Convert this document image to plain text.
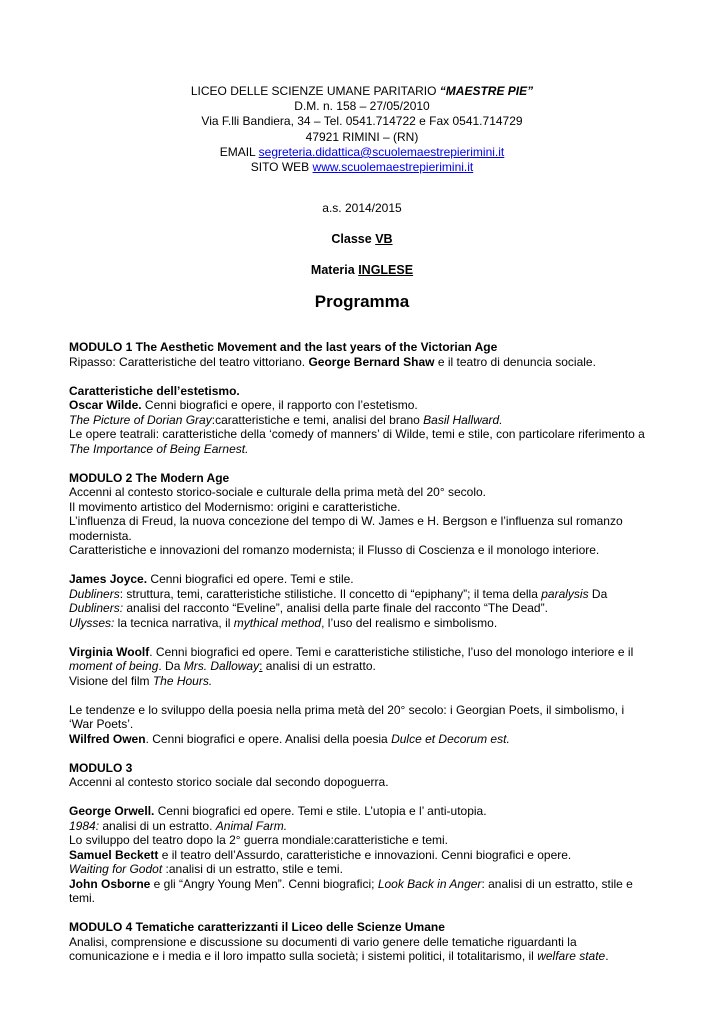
LICEO DELLE SCIENZE UMANE PARITARIO “MAESTRE PIE”
D.M. n. 158 – 27/05/2010
Via F.lli Bandiera, 34 – Tel. 0541.714722 e Fax 0541.714729
47921 RIMINI – (RN)
EMAIL segreteria.didattica@scuolemaestrepierimini.it
SITO WEB www.scuolemaestrepierimini.it
a.s. 2014/2015
Classe VB
Materia INGLESE
Programma

MODULO 1 The Aesthetic Movement and the last years of the Victorian Age
Ripasso: Caratteristiche del teatro vittoriano. George Bernard Shaw e il teatro di denuncia sociale.

Caratteristiche dell’estetismo.
Oscar Wilde. Cenni biografici e opere, il rapporto con l’estetismo.
The Picture of Dorian Gray:caratteristiche e temi, analisi del brano Basil Hallward.

Le opere teatrali: caratteristiche della ‘comedy of manners’ di Wilde, temi e stile, con particolare riferimento a
The Importance of Being Earnest.

MODULO 2 The Modern Age
Accenni al contesto storico-sociale e culturale della prima metà del 20° secolo.
Il movimento artistico del Modernismo: origini e caratteristiche.

L’influenza di Freud, la nuova concezione del tempo di W. James e H. Bergson e l’influenza sul romanzo
modernista.
Caratteristiche e innovazioni del romanzo modernista; il Flusso di Coscienza e il monologo interiore.

James Joyce. Cenni biografici ed opere. Temi e stile.

Dubliners: struttura, temi, caratteristiche stilistiche. Il concetto di “epiphany”; il tema della paralysis Da
Dubliners: analisi del racconto “Eveline”, analisi della parte finale del racconto “The Dead”.
Ulysses: la tecnica narrativa, il mythical method, l’uso del realismo e simbolismo.

Virginia Woolf. Cenni biografici ed opere. Temi e caratteristiche stilistiche, l’uso del monologo interiore e il
moment of being. Da Mrs. Dalloway: analisi di un estratto.
Visione del film The Hours.

Le tendenze e lo sviluppo della poesia nella prima metà del 20° secolo: i Georgian Poets, il simbolismo, i
‘War Poets’.
Wilfred Owen. Cenni biografici e opere. Analisi della poesia Dulce et Decorum est.

MODULO 3
Accenni al contesto storico sociale dal secondo dopoguerra.

George Orwell. Cenni biografici ed opere. Temi e stile. L’utopia e l’ anti-utopia.
1984: analisi di un estratto. Animal Farm.
Lo sviluppo del teatro dopo la 2° guerra mondiale:caratteristiche e temi.
Samuel Beckett e il teatro dell’Assurdo, caratteristiche e innovazioni. Cenni biografici e opere.
Waiting for Godot :analisi di un estratto, stile e temi.

John Osborne e gli “Angry Young Men”. Cenni biografici; Look Back in Anger: analisi di un estratto, stile e
temi.

MODULO 4 Tematiche caratterizzanti il Liceo delle Scienze Umane

Analisi, comprensione e discussione su documenti di vario genere delle tematiche riguardanti la
comunicazione e i media e il loro impatto sulla società; i sistemi politici, il totalitarismo, il welfare state.
